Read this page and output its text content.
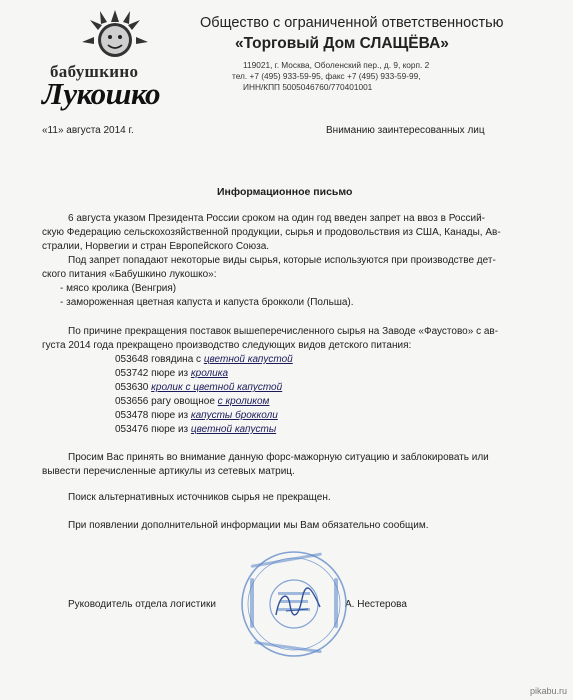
бабушкино
Лукошко
Общество с ограниченной ответственностью
«Торговый Дом СЛАЩЁВА»
119021, г. Москва, Оболенский пер., д. 9, корп. 2
тел. +7 (495) 933-59-95, факс +7 (495) 933-59-99,
ИНН/КПП 5005046760/770401001
«11» августа 2014 г.	Вниманию заинтересованных лиц
Информационное письмо
6 августа указом Президента России сроком на один год введен запрет на ввоз в Россий-
скую Федерацию сельскохозяйственной продукции, сырья и продовольствия из США, Канады, Ав-
стралии, Норвегии и стран Европейского Союза.
Под запрет попадают некоторые виды сырья, которые используются при производстве дет-
ского питания «Бабушкино лукошко»:
- мясо кролика (Венгрия)
- замороженная цветная капуста и капуста брокколи (Польша).
По причине прекращения поставок вышеперечисленного сырья на Заводе «Фаустово» с ав-
густа 2014 года прекращено производство следующих видов детского питания:
053648 говядина с цветной капустой
053742 пюре из кролика
053630 кролик с цветной капустой
053656 рагу овощное с кроликом
053478 пюре из капусты брокколи
053476 пюре из цветной капусты
Просим Вас принять во внимание данную форс-мажорную ситуацию и заблокировать или
вывести перечисленные артикулы из сетевых матриц.
Поиск альтернативных источников сырья не прекращен.
При появлении дополнительной информации мы Вам обязательно сообщим.
Руководитель отдела логистики	А. Нестерова
pikabu.ru
